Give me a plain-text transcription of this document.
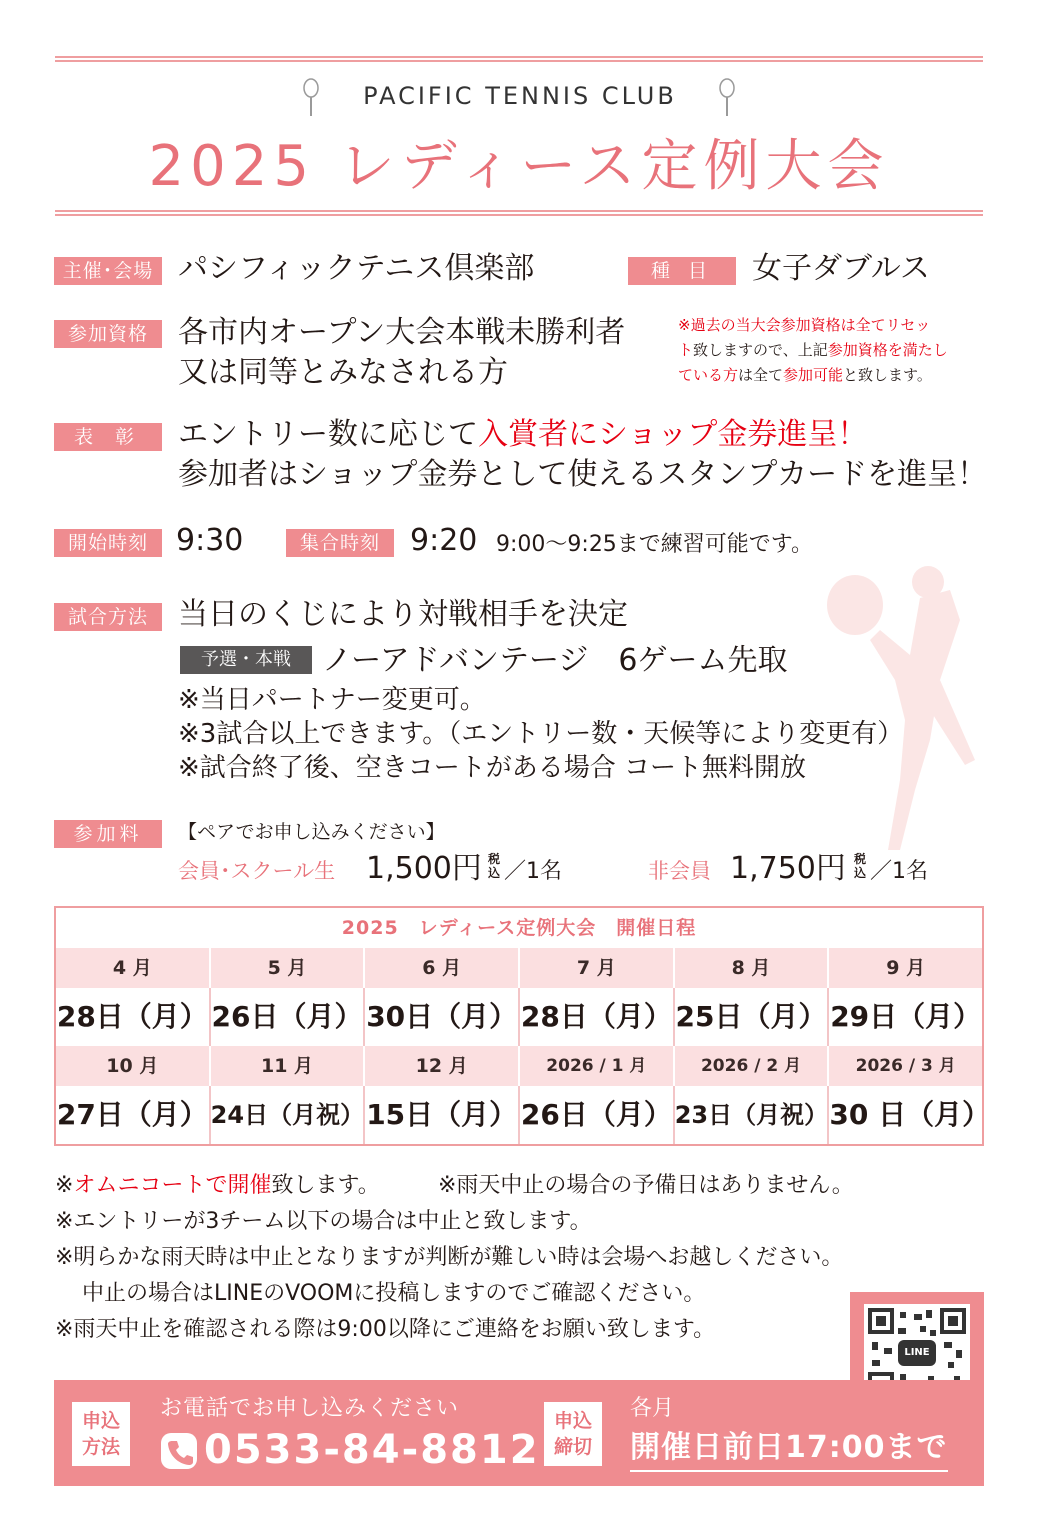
PACIFIC TENNIS CLUB
2025 レディース定例大会
主催･会場 パシフィックテニス倶楽部	種 目	女子ダブルス
参加資格	各市内オープン大会本戦未勝利者
又は同等とみなされる方
※過去の当大会参加資格は全てリセッ
ト致しますので、上記参加資格を満たし
ている方は全て参加可能と致します。
表 彰	エントリー数に応じて入賞者にショップ金券進呈！
参加者はショップ金券として使えるスタンプカードを進呈！
開始時刻 9:30	集合時刻	9:20 9:00～9:25まで練習可能です。
試合方法	当日のくじにより対戦相手を決定
予選・本戦	ノーアドバンテージ　6ゲーム先取
※当日パートナー変更可。
※3試合以上できます。（エントリー数・天候等により変更有）
※試合終了後、空きコートがある場合 コート無料開放
参加料	【ペアでお申し込みください】
会員･スクール生 1,500円 税込 ／1名	非会員 1,750円 税込 ／1名
2025　レディース定例大会　開催日程
4 月	5 月	6 月	7 月	8 月	9 月
28日（月） 26日（月） 30日（月） 28日（月） 25日（月） 29日（月）
10 月	11 月	12 月	2026 / 1 月	2026 / 2 月	2026 / 3 月
27日（月） 24日（月祝） 15日（月） 26日（月） 23日（月祝） 30 日（月）
※オムニコートで開催致します。	※雨天中止の場合の予備日はありません。
※エントリーが3チーム以下の場合は中止と致します。
※明らかな雨天時は中止となりますが判断が難しい時は会場へお越しください。
中止の場合はLINEのVOOMに投稿しますのでご確認ください。
※雨天中止を確認される際は9:00以降にご連絡をお願い致します。
LINE
申込
方法
お電話でお申し込みください
0533-84-8812
申込
締切
各月
開催日前日17:00まで
